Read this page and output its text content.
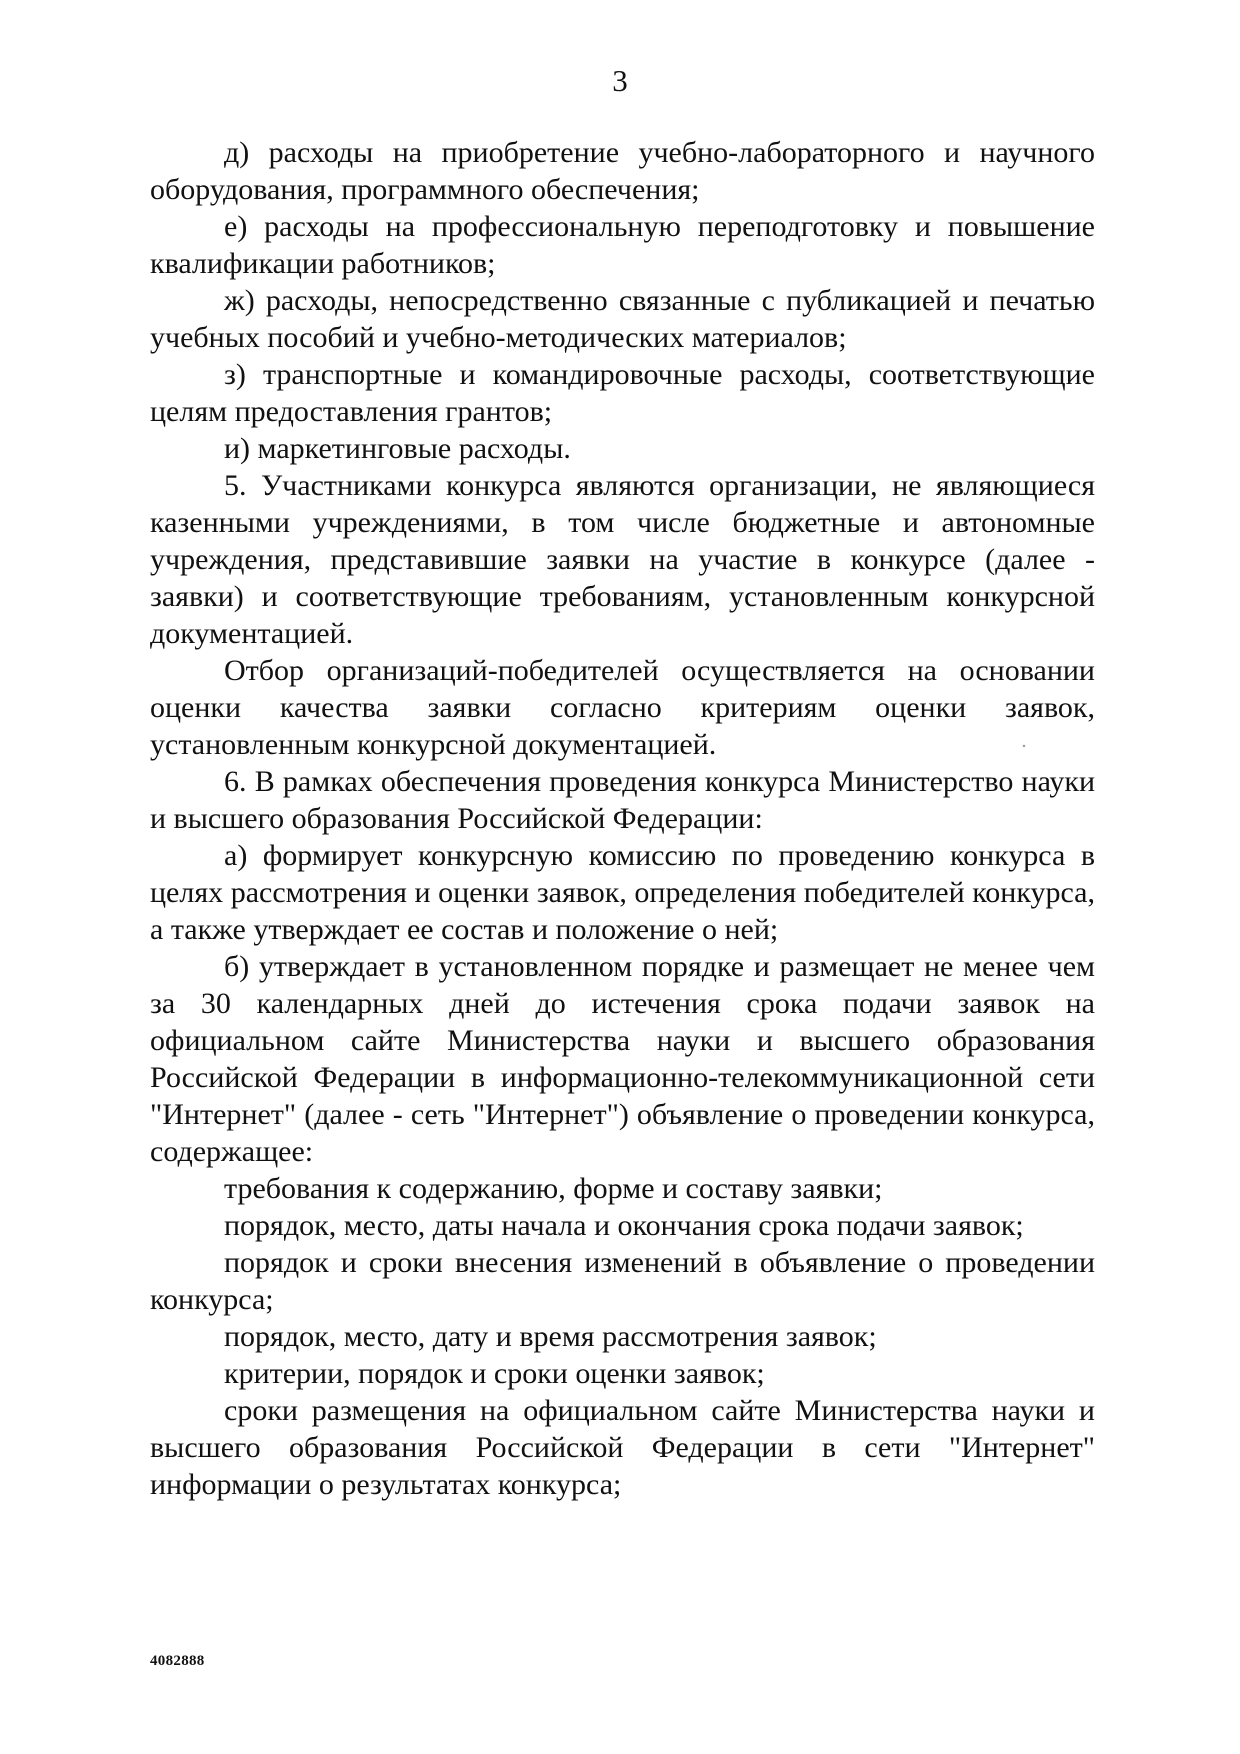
3

д) расходы на приобретение учебно-лабораторного и научного оборудования, программного обеспечения;

е) расходы на профессиональную переподготовку и повышение квалификации работников;

ж) расходы, непосредственно связанные с публикацией и печатью учебных пособий и учебно-методических материалов;

з) транспортные и командировочные расходы, соответствующие целям предоставления грантов;

и) маркетинговые расходы.

5. Участниками конкурса являются организации, не являющиеся казенными учреждениями, в том числе бюджетные и автономные учреждения, представившие заявки на участие в конкурсе (далее - заявки) и соответствующие требованиям, установленным конкурсной документацией.

Отбор организаций-победителей осуществляется на основании оценки качества заявки согласно критериям оценки заявок, установленным конкурсной документацией.

6. В рамках обеспечения проведения конкурса Министерство науки и высшего образования Российской Федерации:

а) формирует конкурсную комиссию по проведению конкурса в целях рассмотрения и оценки заявок, определения победителей конкурса, а также утверждает ее состав и положение о ней;

б) утверждает в установленном порядке и размещает не менее чем за 30 календарных дней до истечения срока подачи заявок на официальном сайте Министерства науки и высшего образования Российской Федерации в информационно-телекоммуникационной сети "Интернет" (далее - сеть "Интернет") объявление о проведении конкурса, содержащее:

требования к содержанию, форме и составу заявки;

порядок, место, даты начала и окончания срока подачи заявок;

порядок и сроки внесения изменений в объявление о проведении конкурса;

порядок, место, дату и время рассмотрения заявок;

критерии, порядок и сроки оценки заявок;

сроки размещения на официальном сайте Министерства науки и высшего образования Российской Федерации в сети "Интернет" информации о результатах конкурса;

4082888
